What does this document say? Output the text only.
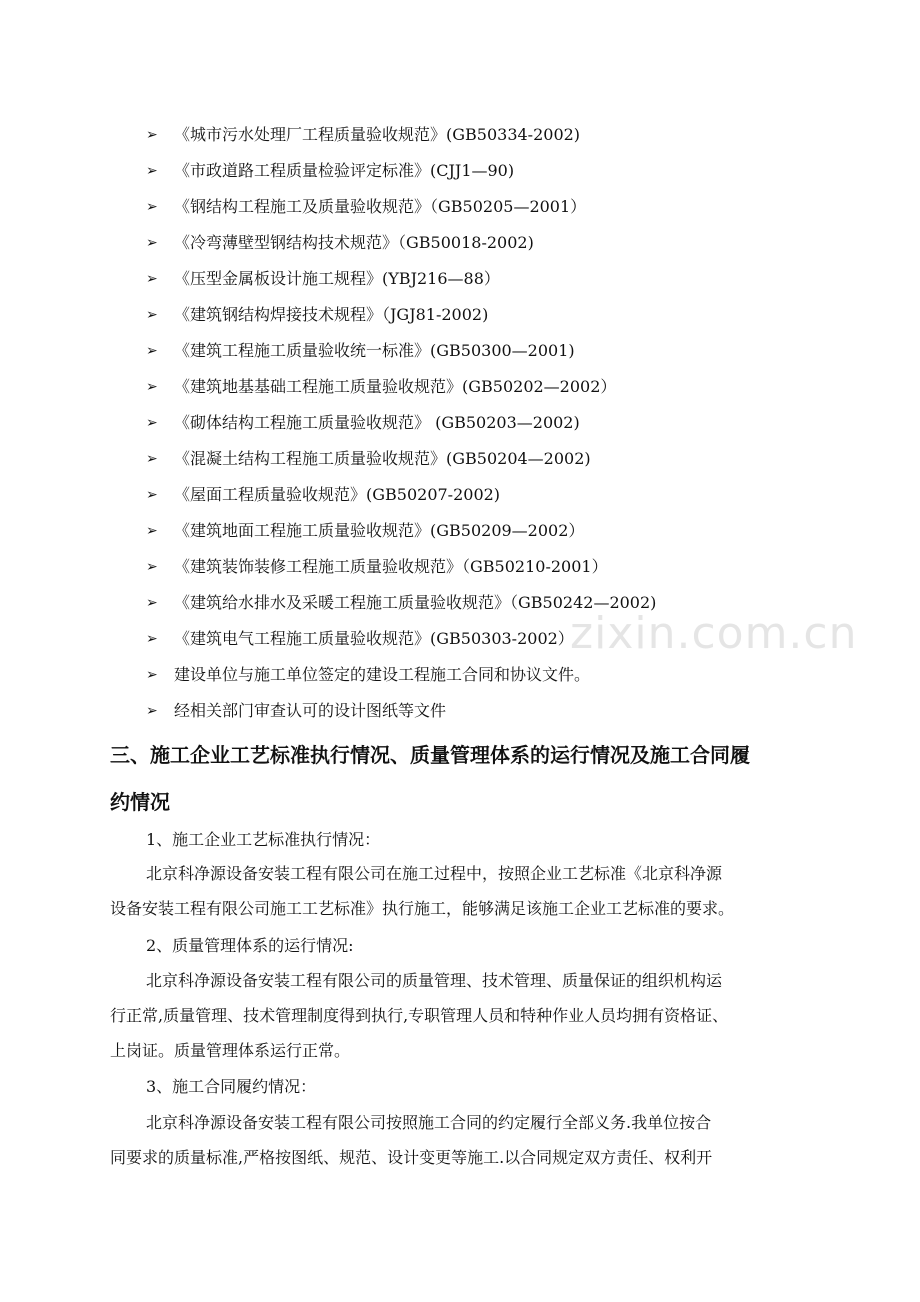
➢	《城市污水处理厂工程质量验收规范》(GB50334-2002)
➢	《市政道路工程质量检验评定标准》(CJJ1—90)
➢	《钢结构工程施工及质量验收规范》（GB50205—2001）
➢	《冷弯薄壁型钢结构技术规范》（GB50018-2002)
➢	《压型金属板设计施工规程》(YBJ216—88）
➢	《建筑钢结构焊接技术规程》（JGJ81-2002)
➢	《建筑工程施工质量验收统一标准》(GB50300—2001)
➢	《建筑地基基础工程施工质量验收规范》(GB50202—2002）
➢	《砌体结构工程施工质量验收规范》 (GB50203—2002)
➢	《混凝土结构工程施工质量验收规范》(GB50204—2002)
➢	《屋面工程质量验收规范》(GB50207-2002)
➢	《建筑地面工程施工质量验收规范》(GB50209—2002）
➢	《建筑装饰装修工程施工质量验收规范》（GB50210-2001）
➢	《建筑给水排水及采暖工程施工质量验收规范》（GB50242—2002)
➢	《建筑电气工程施工质量验收规范》(GB50303-2002）
➢	建设单位与施工单位签定的建设工程施工合同和协议文件。
➢	经相关部门审查认可的设计图纸等文件
三、施工企业工艺标准执行情况、质量管理体系的运行情况及施工合同履
约情况
1、施工企业工艺标准执行情况：
北京科净源设备安装工程有限公司在施工过程中，按照企业工艺标准《北京科净源
设备安装工程有限公司施工工艺标准》执行施工，能够满足该施工企业工艺标准的要求。
2、质量管理体系的运行情况:
北京科净源设备安装工程有限公司的质量管理、技术管理、质量保证的组织机构运
行正常,质量管理、技术管理制度得到执行,专职管理人员和特种作业人员均拥有资格证、
上岗证。质量管理体系运行正常。
3、施工合同履约情况：
北京科净源设备安装工程有限公司按照施工合同的约定履行全部义务.我单位按合
同要求的质量标准,严格按图纸、规范、设计变更等施工.以合同规定双方责任、权利开
zixin.com.cn
